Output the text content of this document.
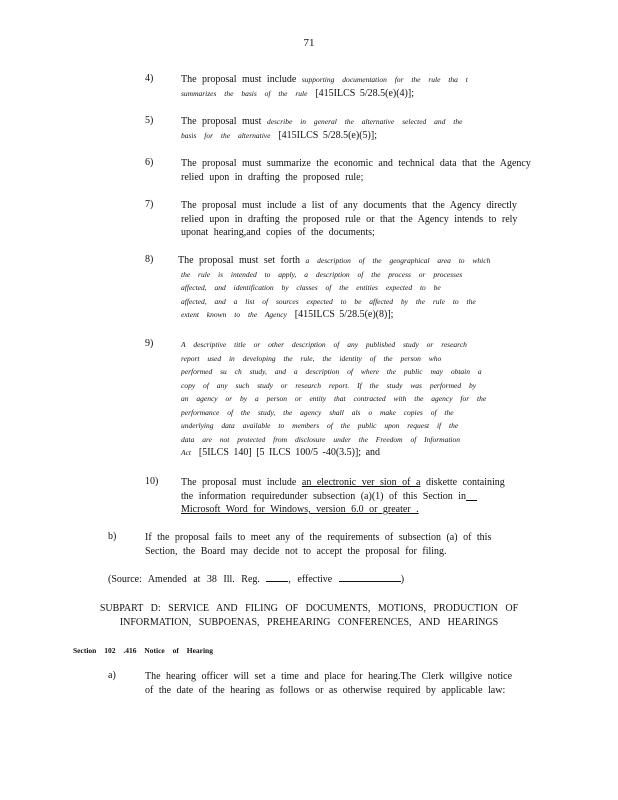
71
4)	The proposal must include supporting documentation for the rule tha t
summarizes the basis of the rule [415ILCS 5/28.5(e)(4)];
5)	The proposal must describe in general the alternative selected and the
basis for the alternative [415ILCS 5/28.5(e)(5)];
6)	The proposal must summarize the economic and technical data that the Agency relied upon in drafting the proposed rule;
7)	The proposal must include a list of any documents that the Agency directly relied upon in drafting the proposed rule or that the Agency intends to rely uponat hearing,and copies of the documents;
8) The proposal must set forth a description of the geographical area to which
the rule is intended to apply, a description of the process or processes
affected, and identification by classes of the entities expected to be
affected, and a list of sources expected to be affected by the rule to the
extent known to the Agency [415ILCS 5/28.5(e)(8)];
9)	A descriptive title or other description of any published study or research
report used in developing the rule, the identity of the person who
performed su ch study, and a description of where the public may obtain a
copy of any such study or research report. If the study was performed by
an agency or by a person or entity that contracted with the agency for the
performance of the study, the agency shall als o make copies of the
underlying data available to members of the public upon request if the
data are not protected from disclosure under the Freedom of Information
Act [5ILCS 140] [5 ILCS 100/5 -40(3.5)]; and
10) The proposal must include an electronic ver sion of a diskette containing
the information requiredunder subsection (a)(1) of this Section in
Microsoft Word for Windows, version 6.0 or greater .
b)	If the proposal fails to meet any of the requirements of subsection (a) of this Section, the Board may decide not to accept the proposal for filing.
(Source: Amended at 38 Ill. Reg.	, effective	)
SUBPART D: SERVICE AND FILING OF DOCUMENTS, MOTIONS, PRODUCTION OF
INFORMATION, SUBPOENAS, PREHEARING CONFERENCES, AND HEARINGS
Section 102 .416 Notice of Hearing
a)	The hearing officer will set a time and place for hearing.The Clerk willgive notice of the date of the hearing as follows or as otherwise required by applicable law:
